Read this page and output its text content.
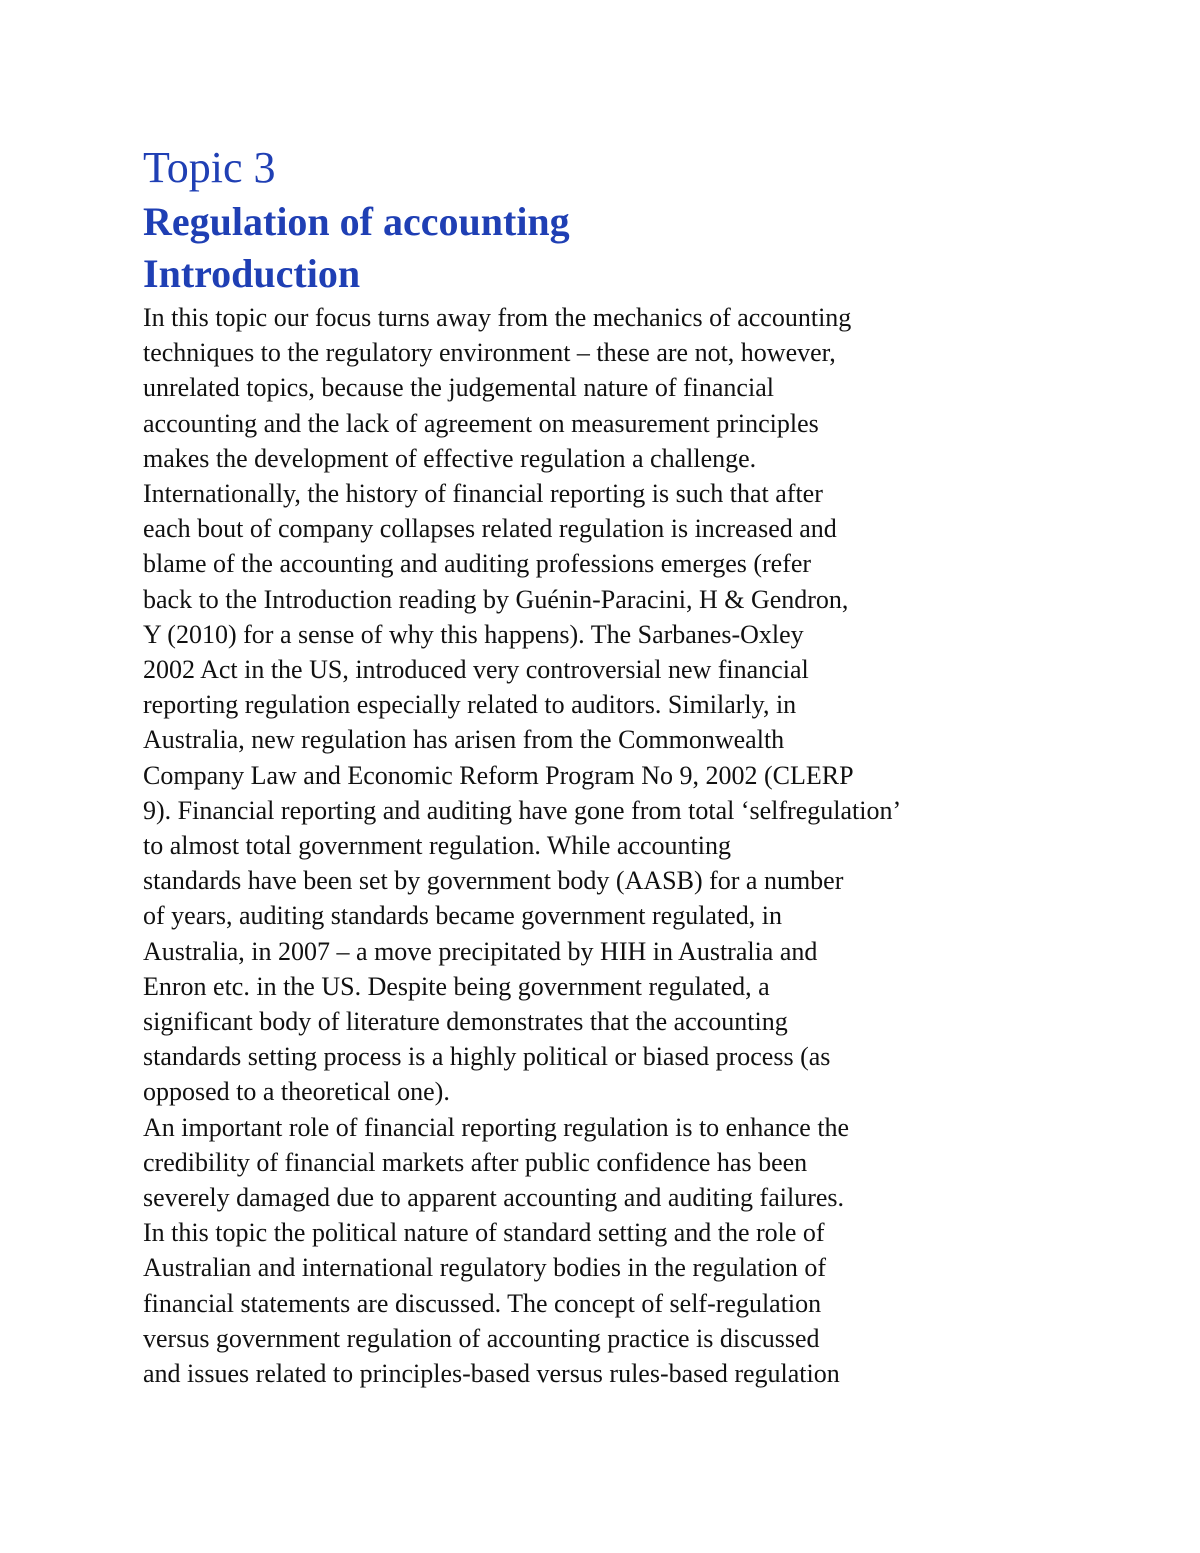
Topic 3
Regulation of accounting
Introduction

In this topic our focus turns away from the mechanics of accounting

techniques to the regulatory environment – these are not, however,

unrelated topics, because the judgemental nature of financial

accounting and the lack of agreement on measurement principles

makes the development of effective regulation a challenge.

Internationally, the history of financial reporting is such that after

each bout of company collapses related regulation is increased and

blame of the accounting and auditing professions emerges (refer

back to the Introduction reading by Guénin-Paracini, H & Gendron,

Y (2010) for a sense of why this happens). The Sarbanes-Oxley

2002 Act in the US, introduced very controversial new financial

reporting regulation especially related to auditors. Similarly, in

Australia, new regulation has arisen from the Commonwealth

Company Law and Economic Reform Program No 9, 2002 (CLERP

9). Financial reporting and auditing have gone from total ‘selfregulation’

to almost total government regulation. While accounting

standards have been set by government body (AASB) for a number

of years, auditing standards became government regulated, in

Australia, in 2007 – a move precipitated by HIH in Australia and

Enron etc. in the US. Despite being government regulated, a

significant body of literature demonstrates that the accounting

standards setting process is a highly political or biased process (as

opposed to a theoretical one).

An important role of financial reporting regulation is to enhance the

credibility of financial markets after public confidence has been

severely damaged due to apparent accounting and auditing failures.

In this topic the political nature of standard setting and the role of

Australian and international regulatory bodies in the regulation of

financial statements are discussed. The concept of self-regulation

versus government regulation of accounting practice is discussed

and issues related to principles-based versus rules-based regulation
